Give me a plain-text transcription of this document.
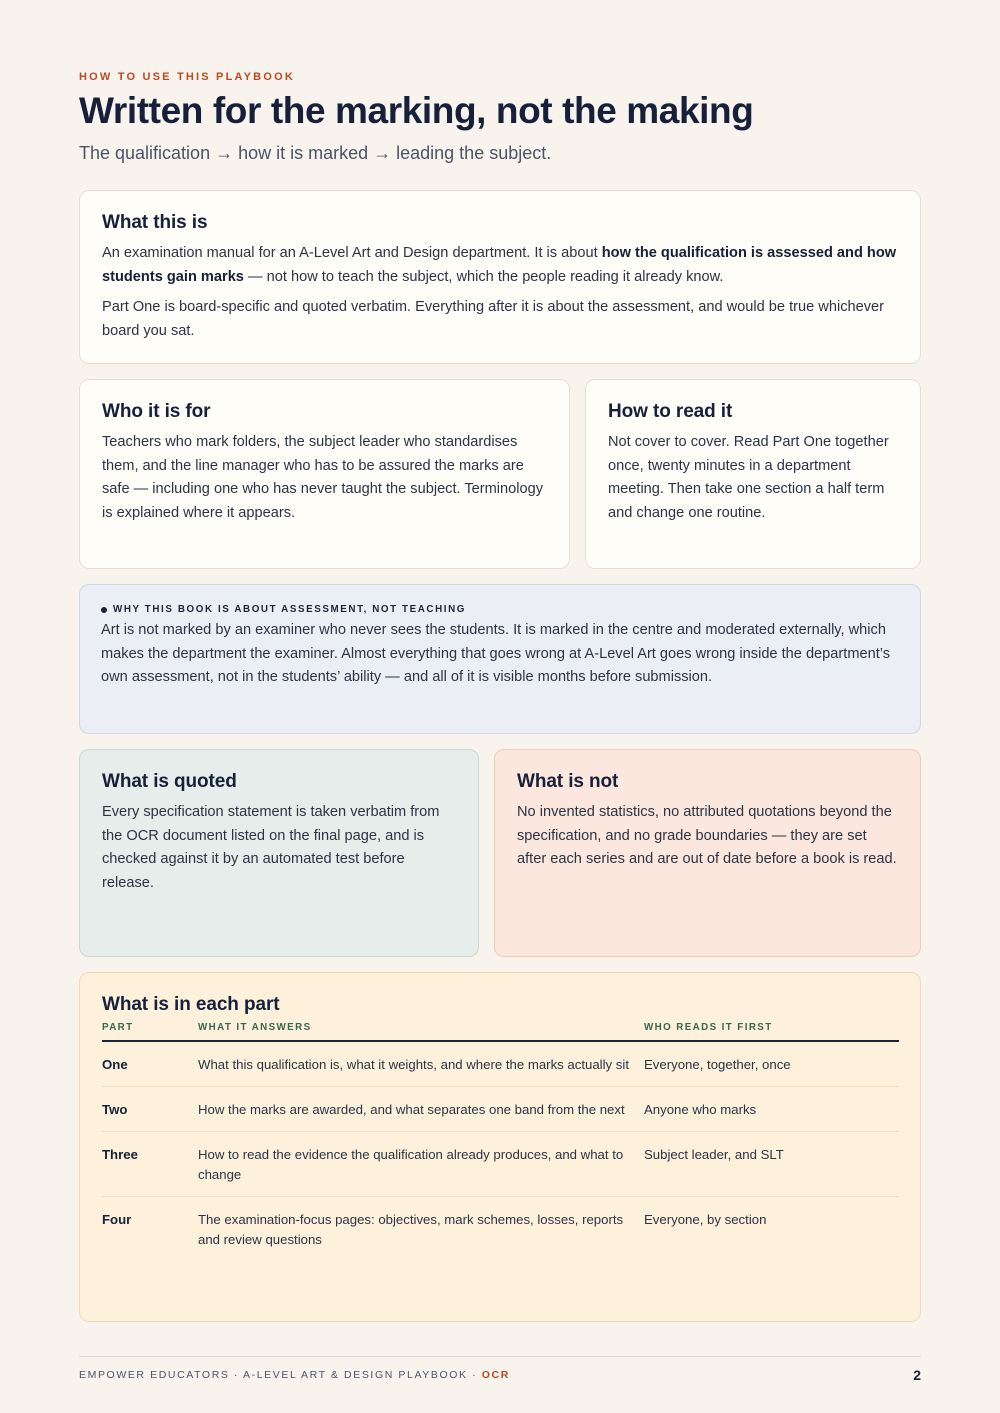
HOW TO USE THIS PLAYBOOK
Written for the marking, not the making
The qualification → how it is marked → leading the subject.
What this is

An examination manual for an A-Level Art and Design department. It is about how the qualification is assessed and how students gain marks — not how to teach the subject, which the people reading it already know.

Part One is board-specific and quoted verbatim. Everything after it is about the assessment, and would be true whichever board you sat.

Who it is for

Teachers who mark folders, the subject leader who standardises them, and the line manager who has to be assured the marks are safe — including one who has never taught the subject. Terminology is explained where it appears.

How to read it

Not cover to cover. Read Part One together once, twenty minutes in a department meeting. Then take one section a half term and change one routine.

WHY THIS BOOK IS ABOUT ASSESSMENT, NOT TEACHING

Art is not marked by an examiner who never sees the students. It is marked in the centre and moderated externally, which makes the department the examiner. Almost everything that goes wrong at A-Level Art goes wrong inside the department’s own assessment, not in the students’ ability — and all of it is visible months before submission.

What is quoted

Every specification statement is taken verbatim from the OCR document listed on the final page, and is checked against it by an automated test before release.

What is not

No invented statistics, no attributed quotations beyond the specification, and no grade boundaries — they are set after each series and are out of date before a book is read.

What is in each part
PART	WHAT IT ANSWERS	WHO READS IT FIRST
One	What this qualification is, what it weights, and where the marks actually sit	Everyone, together, once
Two	How the marks are awarded, and what separates one band from the next	Anyone who marks
Three	How to read the evidence the qualification already produces, and what to change	Subject leader, and SLT
Four	The examination-focus pages: objectives, mark schemes, losses, reports and review questions	Everyone, by section
EMPOWER EDUCATORS · A-LEVEL ART & DESIGN PLAYBOOK · OCR	2
